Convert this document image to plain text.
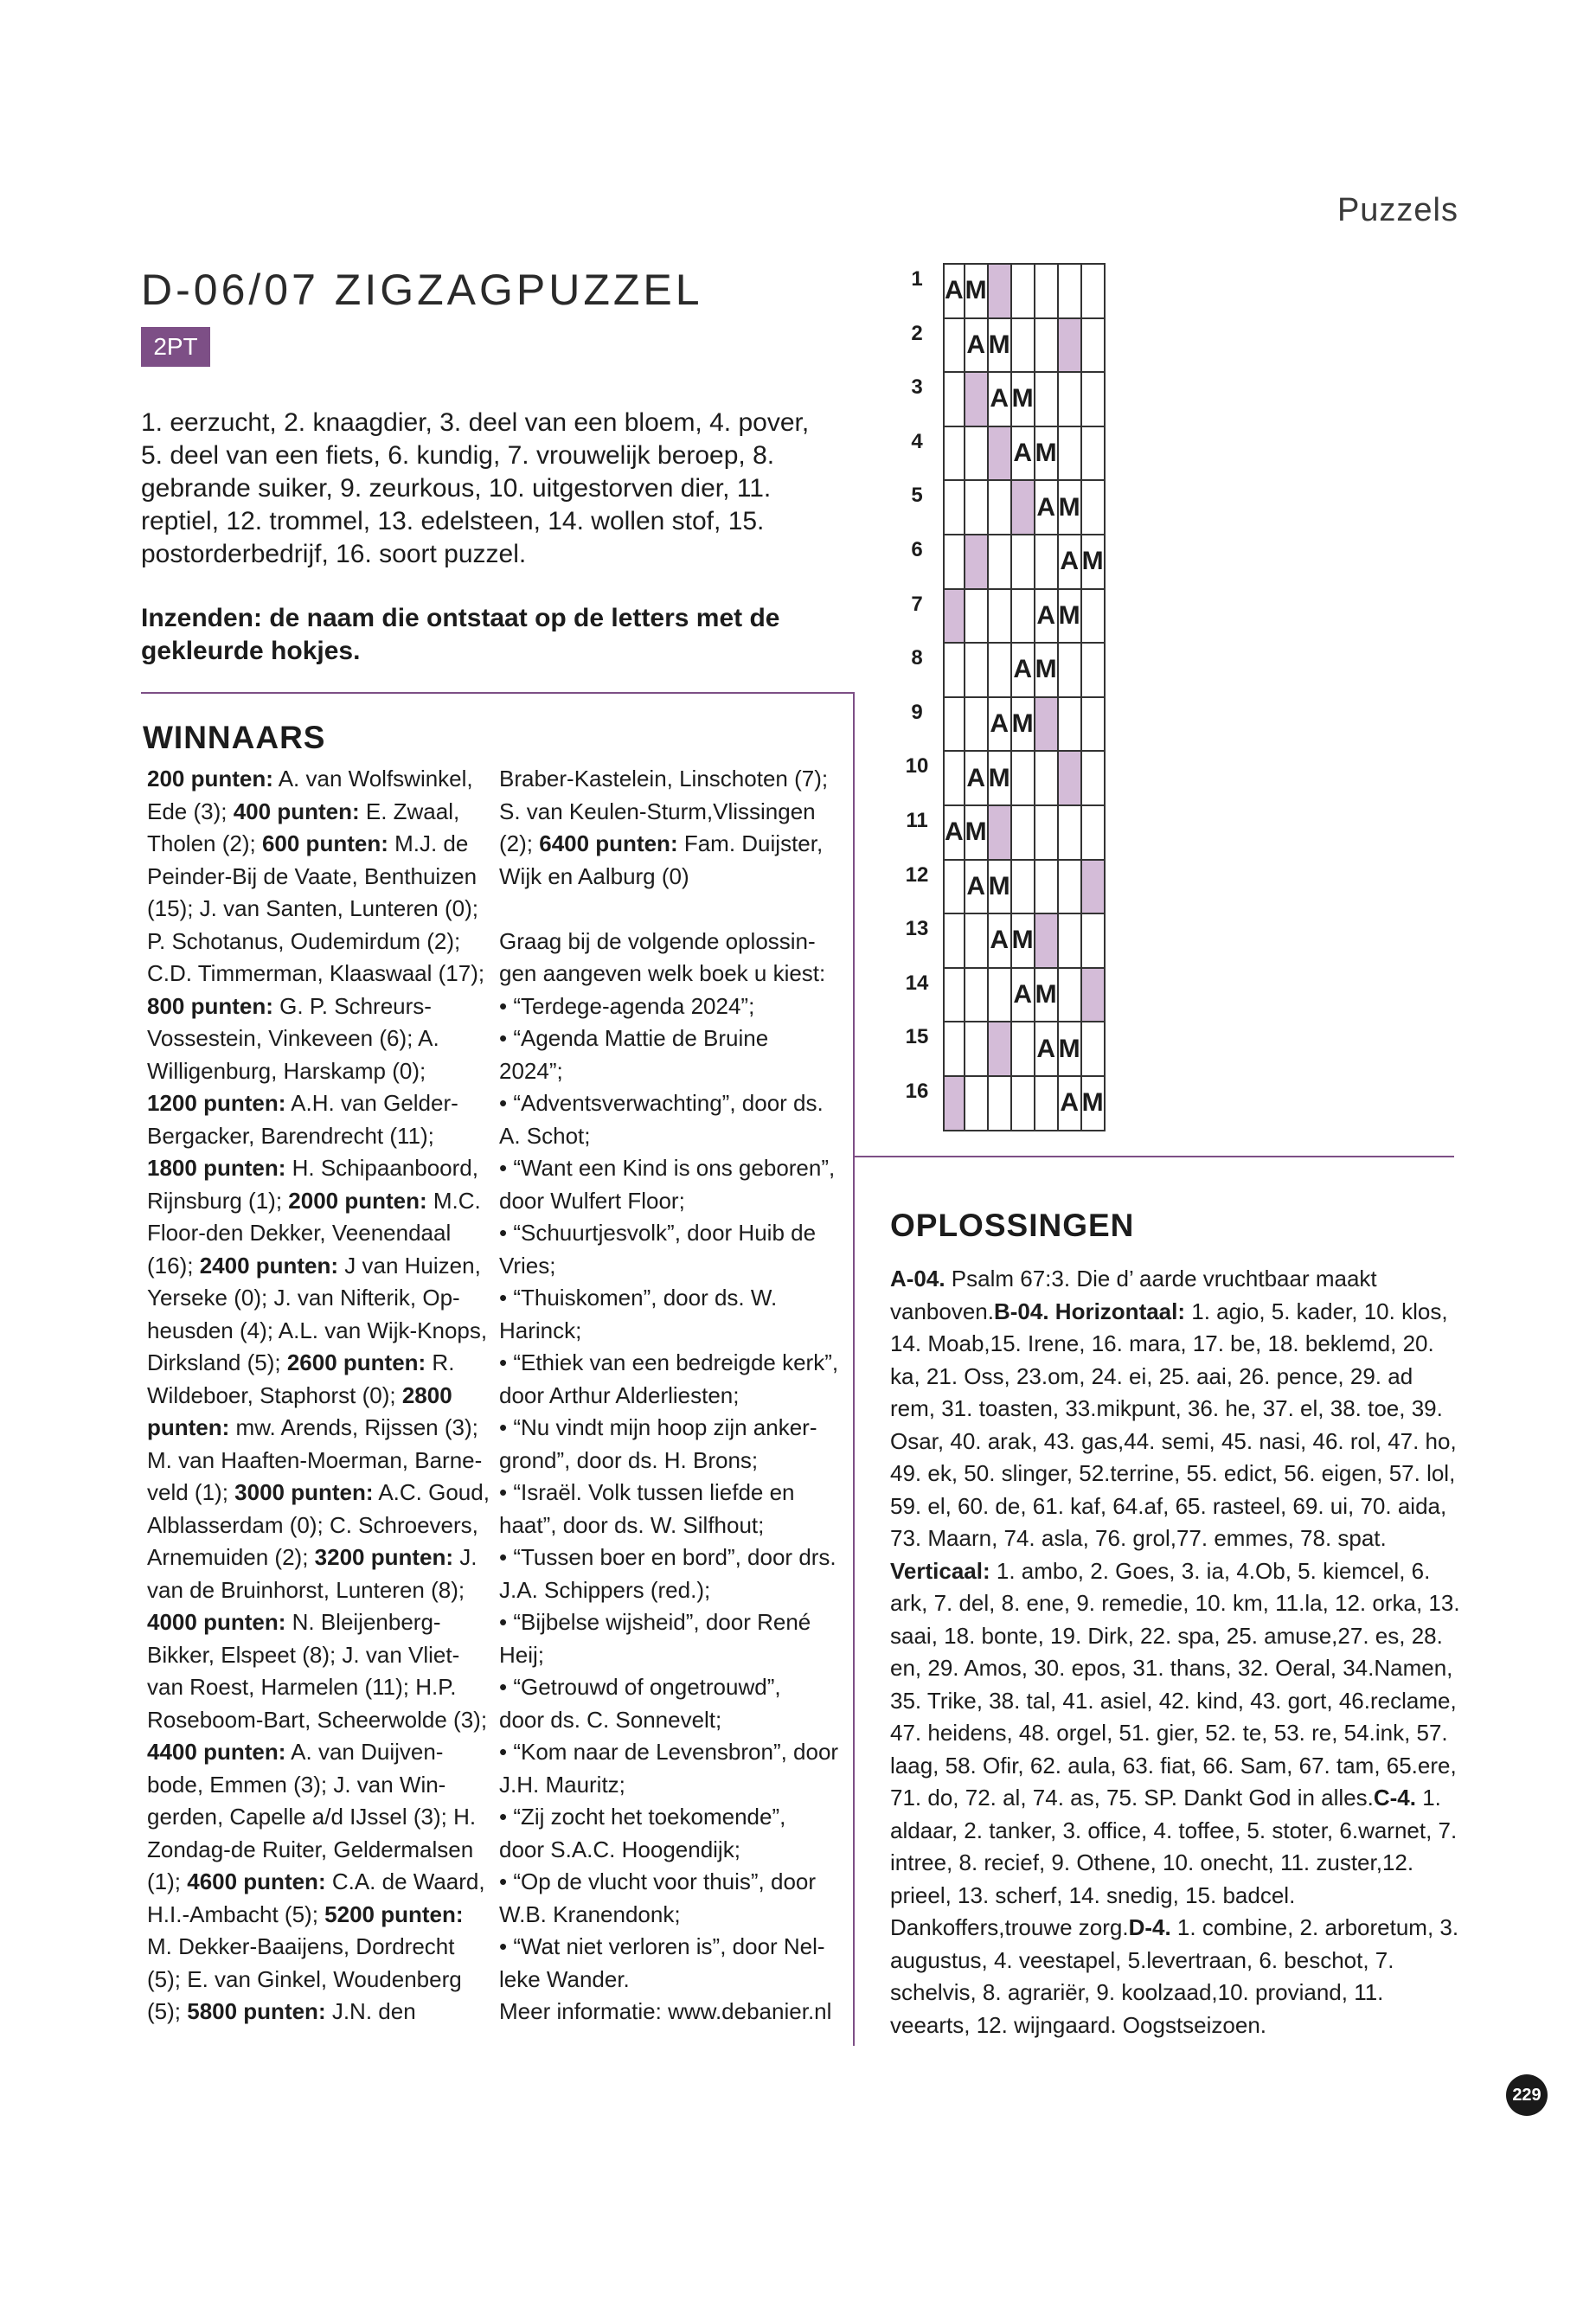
Puzzels
D-06/07 ZIGZAGPUZZEL
2PT

1. eerzucht, 2. knaagdier, 3. deel van een bloem, 4. pover, 5. deel van een fiets, 6. kundig, 7. vrouwelijk beroep, 8. gebrande suiker, 9. zeurkous, 10. uitgestorven dier, 11. reptiel, 12. trommel, 13. edelsteen, 14. wollen stof, 15. postorderbedrijf, 16. soort puzzel.

Inzenden: de naam die ontstaat op de letters met de gekleurde hokjes.

WINNAARS
200 punten: A. van Wolfswinkel,
Ede (3); 400 punten: E. Zwaal,
Tholen (2); 600 punten: M.J. de
Peinder-Bij de Vaate, Benthuizen
(15); J. van Santen, Lunteren (0);
P. Schotanus, Oudemirdum (2);
C.D. Timmerman, Klaaswaal (17);
800 punten: G. P. Schreurs-
Vossestein, Vinkeveen (6); A.
Willigenburg, Harskamp (0);
1200 punten: A.H. van Gelder-
Bergacker, Barendrecht (11);
1800 punten: H. Schipaanboord,
Rijnsburg (1); 2000 punten: M.C.
Floor-den Dekker, Veenendaal
(16); 2400 punten: J van Huizen,
Yerseke (0); J. van Nifterik, Op-
heusden (4); A.L. van Wijk-Knops,
Dirksland (5); 2600 punten: R.
Wildeboer, Staphorst (0); 2800
punten: mw. Arends, Rijssen (3);
M. van Haaften-Moerman, Barne-
veld (1); 3000 punten: A.C. Goud,
Alblasserdam (0); C. Schroevers,
Arnemuiden (2); 3200 punten: J.
van de Bruinhorst, Lunteren (8);
4000 punten: N. Bleijenberg-
Bikker, Elspeet (8); J. van Vliet-
van Roest, Harmelen (11); H.P.
Roseboom-Bart, Scheerwolde (3);
4400 punten: A. van Duijven-
bode, Emmen (3); J. van Win-
gerden, Capelle a/d IJssel (3); H.
Zondag-de Ruiter, Geldermalsen
(1); 4600 punten: C.A. de Waard,
H.I.-Ambacht (5); 5200 punten:
M. Dekker-Baaijens, Dordrecht
(5); E. van Ginkel, Woudenberg
(5); 5800 punten: J.N. den
Braber-Kastelein, Linschoten (7);
S. van Keulen-Sturm,Vlissingen
(2); 6400 punten: Fam. Duijster,
Wijk en Aalburg (0)
Graag bij de volgende oplossin-
gen aangeven welk boek u kiest:
• “Terdege-agenda 2024”;
• “Agenda Mattie de Bruine
2024”;
• “Adventsverwachting”, door ds.
A. Schot;
• “Want een Kind is ons geboren”,
door Wulfert Floor;
• “Schuurtjesvolk”, door Huib de
Vries;
• “Thuiskomen”, door ds. W.
Harinck;
• “Ethiek van een bedreigde kerk”,
door Arthur Alderliesten;
• “Nu vindt mijn hoop zijn anker-
grond”, door ds. H. Brons;
• “Israël. Volk tussen liefde en
haat”, door ds. W. Silfhout;
• “Tussen boer en bord”, door drs.
J.A. Schippers (red.);
• “Bijbelse wijsheid”, door René
Heij;
• “Getrouwd of ongetrouwd”,
door ds. C. Sonnevelt;
• “Kom naar de Levensbron”, door
J.H. Mauritz;
• “Zij zocht het toekomende”,
door S.A.C. Hoogendijk;
• “Op de vlucht voor thuis”, door
W.B. Kranendonk;
• “Wat niet verloren is”, door Nel-
leke Wander.
Meer informatie: www.debanier.nl
1
2
3
4
5
6
7
8
9
10
11
12
13
14
15
16
A	M					
	A	M				
		A	M			
			A	M		
				A	M	
					A	M
				A	M	
			A	M		
		A	M			
	A	M				
A	M					
	A	M				
		A	M			
			A	M		
				A	M	
					A	M
OPLOSSINGEN
A-04. Psalm 67:3. Die d’ aarde vruchtbaar maakt vanboven.B-04. Horizontaal: 1. agio, 5. kader, 10. klos, 14. Moab,15. Irene, 16. mara, 17. be, 18. beklemd, 20. ka, 21. Oss, 23.om, 24. ei, 25. aai, 26. pence, 29. ad rem, 31. toasten, 33.mikpunt, 36. he, 37. el, 38. toe, 39. Osar, 40. arak, 43. gas,44. semi, 45. nasi, 46. rol, 47. ho, 49. ek, 50. slinger, 52.terrine, 55. edict, 56. eigen, 57. lol, 59. el, 60. de, 61. kaf, 64.af, 65. rasteel, 69. ui, 70. aida, 73. Maarn, 74. asla, 76. grol,77. emmes, 78. spat. Verticaal: 1. ambo, 2. Goes, 3. ia, 4.Ob, 5. kiemcel, 6. ark, 7. del, 8. ene, 9. remedie, 10. km, 11.la, 12. orka, 13. saai, 18. bonte, 19. Dirk, 22. spa, 25. amuse,27. es, 28. en, 29. Amos, 30. epos, 31. thans, 32. Oeral, 34.Namen, 35. Trike, 38. tal, 41. asiel, 42. kind, 43. gort, 46.reclame, 47. heidens, 48. orgel, 51. gier, 52. te, 53. re, 54.ink, 57. laag, 58. Ofir, 62. aula, 63. fiat, 66. Sam, 67. tam, 65.ere, 71. do, 72. al, 74. as, 75. SP. Dankt God in alles.C-4. 1. aldaar, 2. tanker, 3. office, 4. toffee, 5. stoter, 6.warnet, 7. intree, 8. recief, 9. Othene, 10. onecht, 11. zuster,12. prieel, 13. scherf, 14. snedig, 15. badcel. Dankoffers,trouwe zorg.D-4. 1. combine, 2. arboretum, 3. augustus, 4. veestapel, 5.levertraan, 6. beschot, 7. schelvis, 8. agrariër, 9. koolzaad,10. proviand, 11. veearts, 12. wijngaard. Oogstseizoen.
229
